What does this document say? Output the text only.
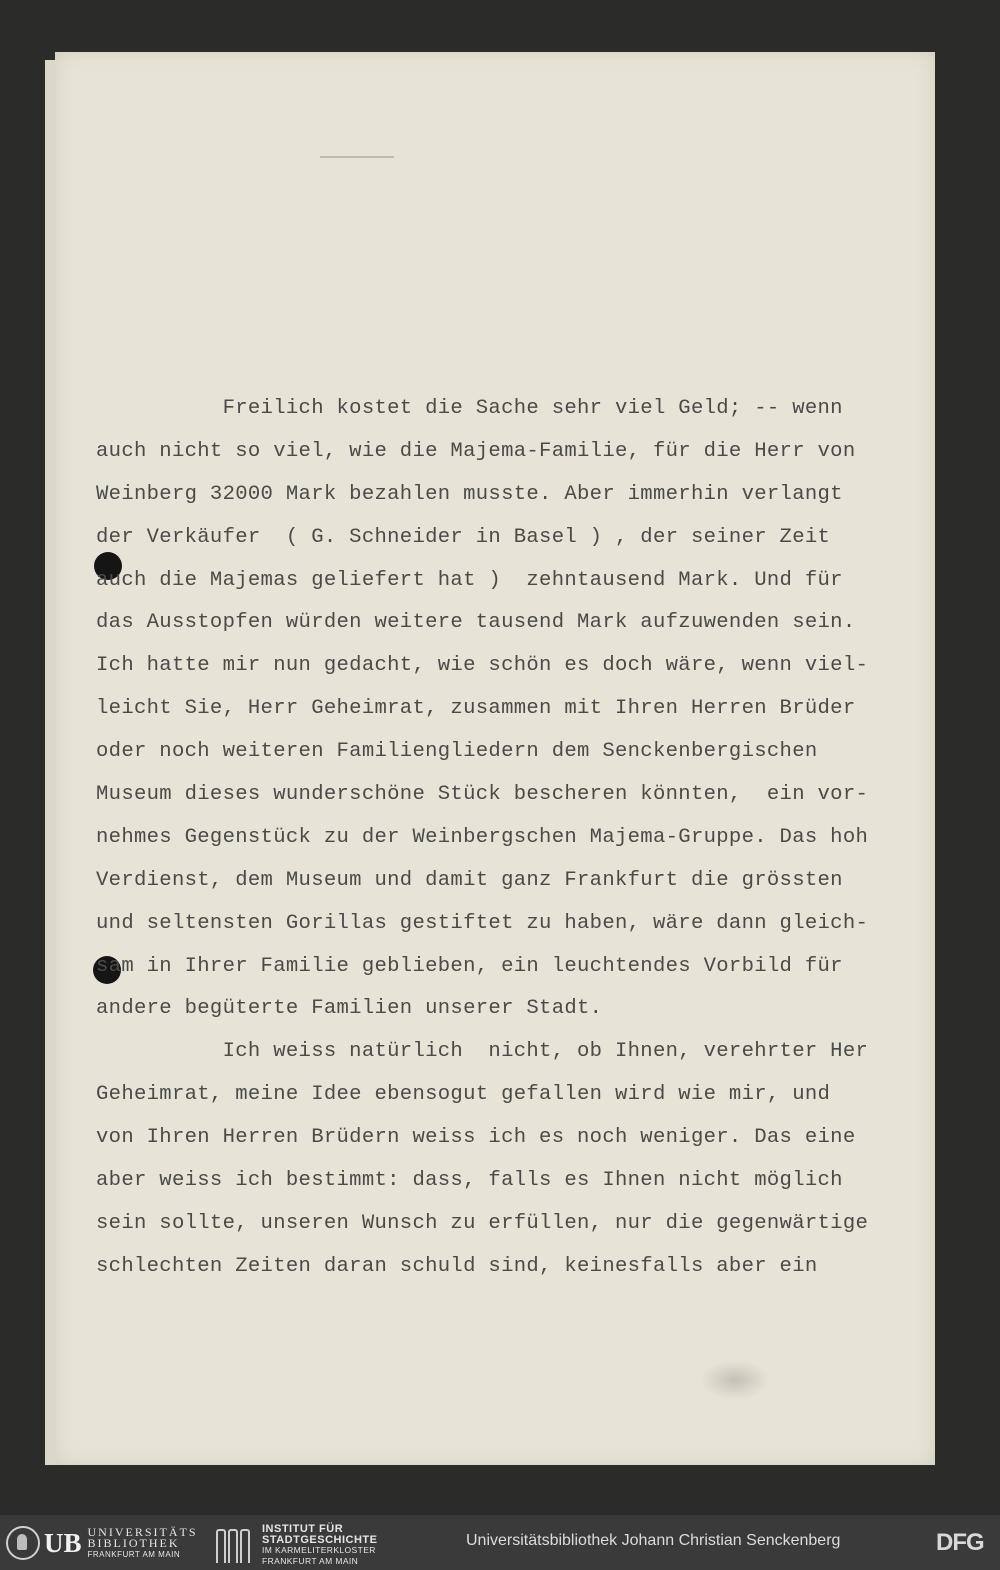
Freilich kostet die Sache sehr viel Geld; -- wenn
auch nicht so viel, wie die Majema-Familie, für die Herr von
Weinberg 32000 Mark bezahlen musste. Aber immerhin verlangt
der Verkäufer  ( G. Schneider in Basel ) , der seiner Zeit
auch die Majemas geliefert hat )  zehntausend Mark. Und für
das Ausstopfen würden weitere tausend Mark aufzuwenden sein.
Ich hatte mir nun gedacht, wie schön es doch wäre, wenn viel-
leicht Sie, Herr Geheimrat, zusammen mit Ihren Herren Brüder
oder noch weiteren Familiengliedern dem Senckenbergischen
Museum dieses wunderschöne Stück bescheren könnten,  ein vor-
nehmes Gegenstück zu der Weinbergschen Majema-Gruppe. Das hoh
Verdienst, dem Museum und damit ganz Frankfurt die grössten
und seltensten Gorillas gestiftet zu haben, wäre dann gleich-
sam in Ihrer Familie geblieben, ein leuchtendes Vorbild für
andere begüterte Familien unserer Stadt.
Ich weiss natürlich  nicht, ob Ihnen, verehrter Her
Geheimrat, meine Idee ebensogut gefallen wird wie mir, und
von Ihren Herren Brüdern weiss ich es noch weniger. Das eine
aber weiss ich bestimmt: dass, falls es Ihnen nicht möglich
sein sollte, unseren Wunsch zu erfüllen, nur die gegenwärtige
schlechten Zeiten daran schuld sind, keinesfalls aber ein
UB UNIVERSITÄTS
BIBLIOTHEK
FRANKFURT AM MAIN
INSTITUT FÜR
STADTGESCHICHTE
IM KARMELITERKLOSTER
FRANKFURT AM MAIN
Universitätsbibliothek Johann Christian Senckenberg	DFG
